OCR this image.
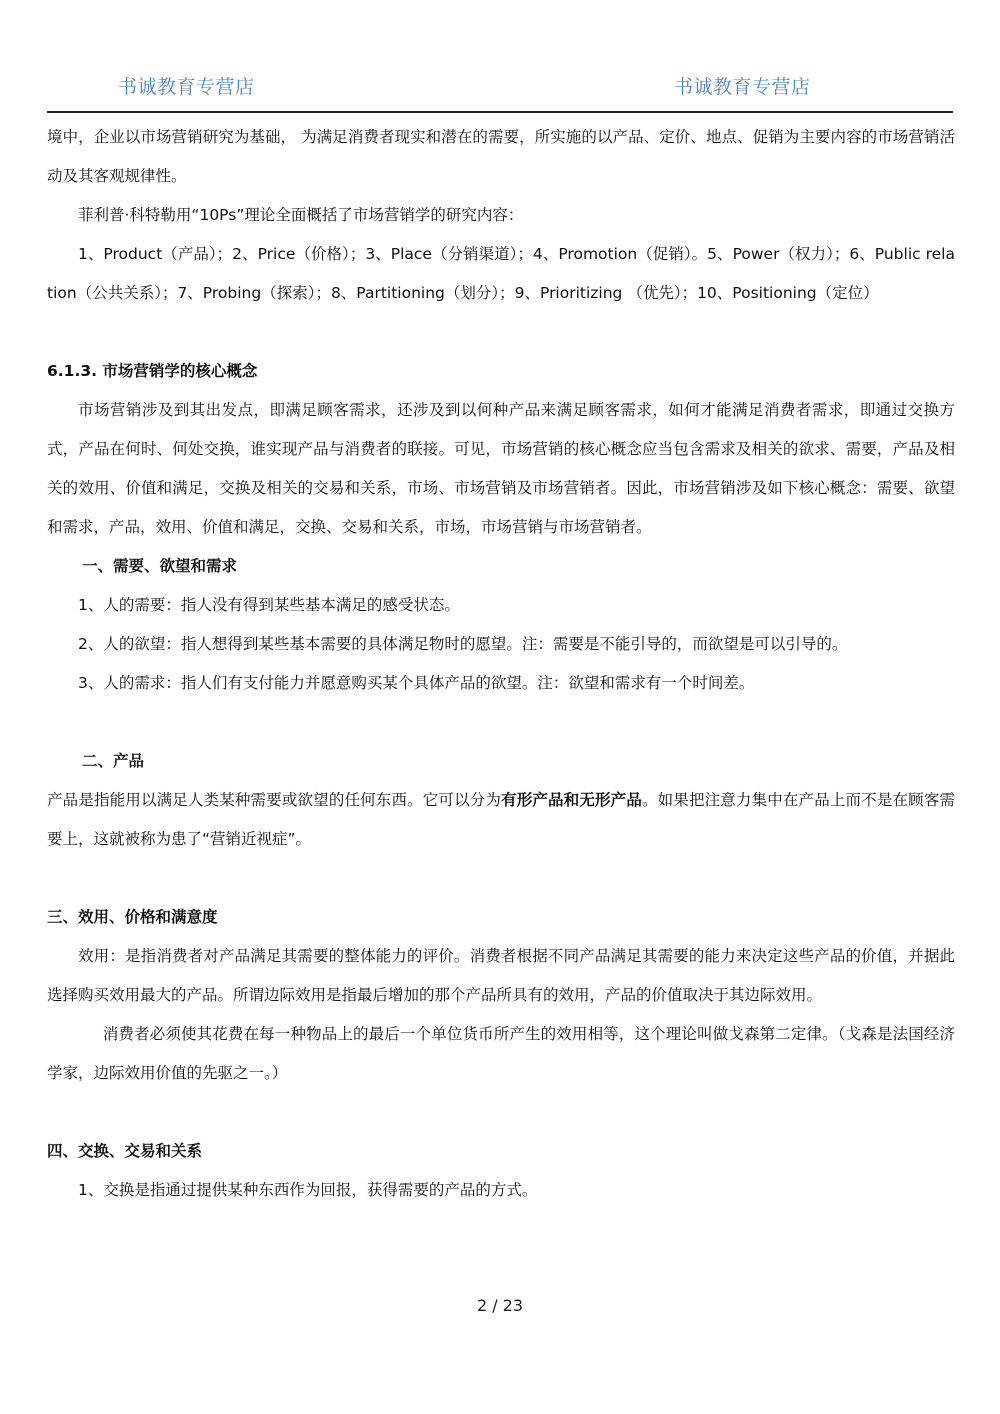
书诚教育专营店	书诚教育专营店

境中，企业以市场营销研究为基础， 为满足消费者现实和潜在的需要，所实施的以产品、定价、地点、促销为主要内容的市场营销活动及其客观规律性。

菲利普·科特勒用“10Ps”理论全面概括了市场营销学的研究内容：

1、Product（产品）；2、Price（价格）；3、Place（分销渠道）；4、Promotion（促销）。5、Power（权力）；6、Public relation（公共关系）；7、Probing（探索）；8、Partitioning（划分）；9、Prioritizing （优先）；10、Positioning（定位）

6.1.3. 市场营销学的核心概念

市场营销涉及到其出发点，即满足顾客需求，还涉及到以何种产品来满足顾客需求，如何才能满足消费者需求，即通过交换方式，产品在何时、何处交换，谁实现产品与消费者的联接。可见，市场营销的核心概念应当包含需求及相关的欲求、需要，产品及相关的效用、价值和满足，交换及相关的交易和关系，市场、市场营销及市场营销者。因此，市场营销涉及如下核心概念：需要、欲望和需求，产品，效用、价值和满足，交换、交易和关系，市场，市场营销与市场营销者。

一、需要、欲望和需求

1、人的需要：指人没有得到某些基本满足的感受状态。

2、人的欲望：指人想得到某些基本需要的具体满足物时的愿望。注：需要是不能引导的，而欲望是可以引导的。

3、人的需求：指人们有支付能力并愿意购买某个具体产品的欲望。注：欲望和需求有一个时间差。

二、产品

产品是指能用以满足人类某种需要或欲望的任何东西。它可以分为有形产品和无形产品。如果把注意力集中在产品上而不是在顾客需要上，这就被称为患了“营销近视症”。

三、效用、价格和满意度

效用：是指消费者对产品满足其需要的整体能力的评价。消费者根据不同产品满足其需要的能力来决定这些产品的价值，并据此选择购买效用最大的产品。所谓边际效用是指最后增加的那个产品所具有的效用，产品的价值取决于其边际效用。

消费者必须使其花费在每一种物品上的最后一个单位货币所产生的效用相等，这个理论叫做戈森第二定律。（戈森是法国经济学家，边际效用价值的先驱之一。）

四、交换、交易和关系

1、交换是指通过提供某种东西作为回报，获得需要的产品的方式。

2 / 23
